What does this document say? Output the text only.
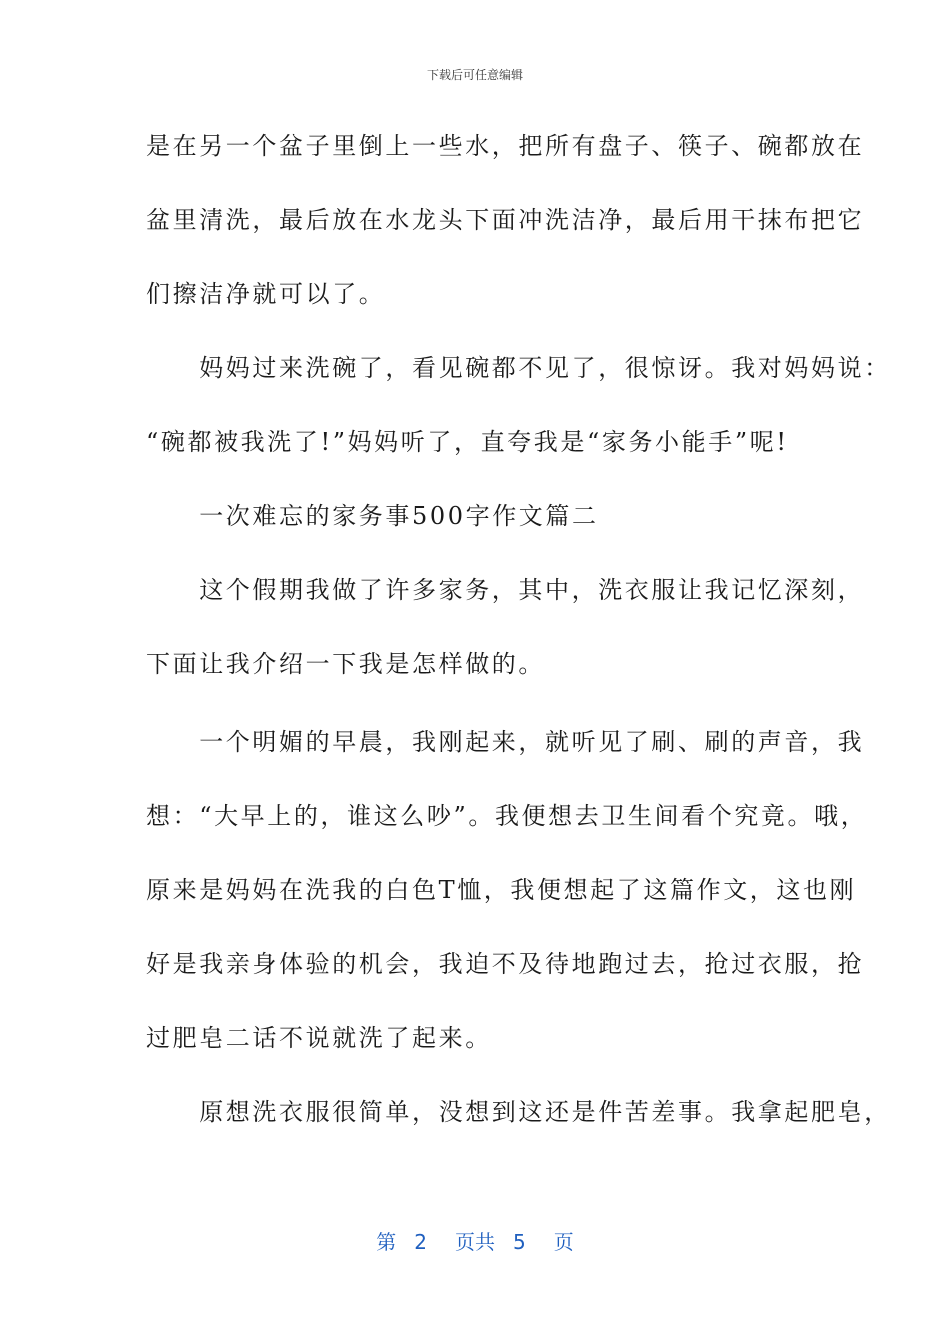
下载后可任意编辑
是在另一个盆子里倒上一些水，把所有盘子、筷子、碗都放在
盆里清洗，最后放在水龙头下面冲洗洁净，最后用干抹布把它
们擦洁净就可以了。
　　妈妈过来洗碗了，看见碗都不见了，很惊讶。我对妈妈说：
“碗都被我洗了!”妈妈听了，直夸我是“家务小能手”呢!
　　一次难忘的家务事500字作文篇二
　　这个假期我做了许多家务，其中，洗衣服让我记忆深刻，
下面让我介绍一下我是怎样做的。
　　一个明媚的早晨，我刚起来，就听见了刷、刷的声音，我
想：“大早上的，谁这么吵”。我便想去卫生间看个究竟。哦，
原来是妈妈在洗我的白色T恤，我便想起了这篇作文，这也刚
好是我亲身体验的机会，我迫不及待地跑过去，抢过衣服，抢
过肥皂二话不说就洗了起来。
　　原想洗衣服很简单，没想到这还是件苦差事。我拿起肥皂，
第 2 页共 5 页
